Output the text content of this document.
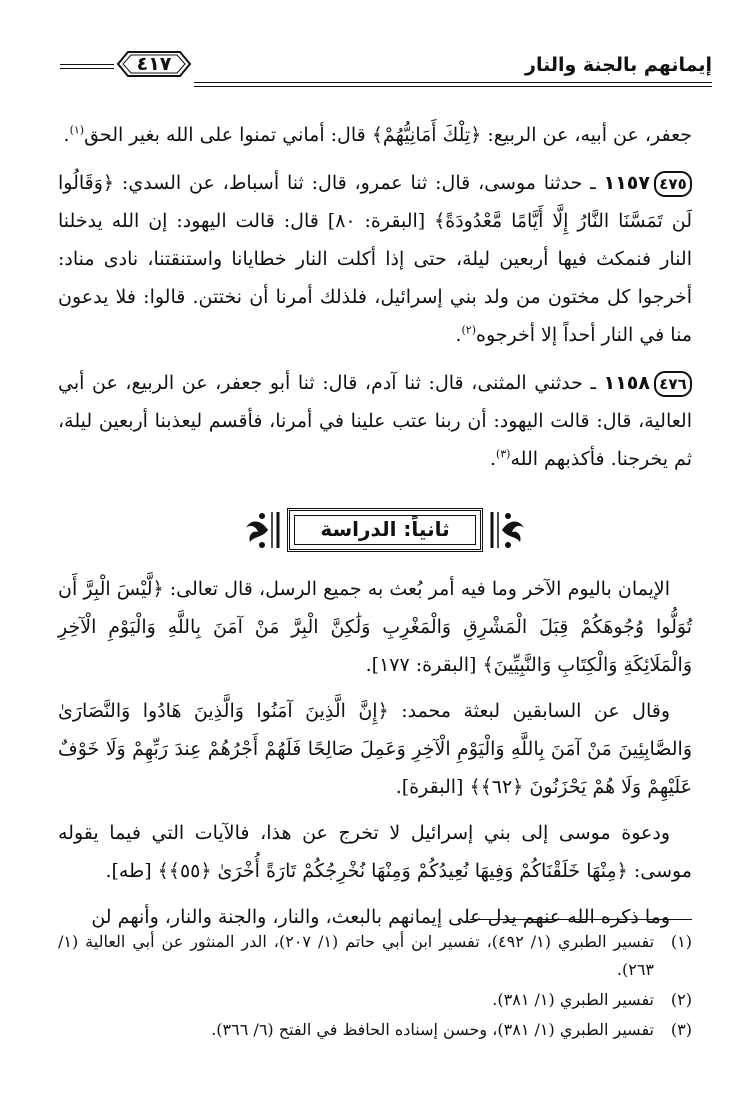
إيمانهم بالجنة والنار
٤١٧

جعفر، عن أبيه، عن الربيع: ﴿تِلْكَ أَمَانِيُّهُمْ﴾ قال: أماني تمنوا على الله بغير الحق$^{(١)}$.

٤٧٥١١٥٧ ـ حدثنا موسى، قال: ثنا عمرو، قال: ثنا أسباط، عن السدي: ﴿وَقَالُوا لَن تَمَسَّنَا النَّارُ إِلَّا أَيَّامًا مَّعْدُودَةً﴾ [البقرة: ٨٠] قال: قالت اليهود: إن الله يدخلنا النار فنمكث فيها أربعين ليلة، حتى إذا أكلت النار خطايانا واستنقتنا، نادى مناد: أخرجوا كل مختون من ولد بني إسرائيل، فلذلك أمرنا أن نختتن. قالوا: فلا يدعون منا في النار أحداً إلا أخرجوه$^{(٢)}$.

٤٧٦١١٥٨ ـ حدثني المثنى، قال: ثنا آدم، قال: ثنا أبو جعفر، عن الربيع، عن أبي العالية، قال: قالت اليهود: أن ربنا عتب علينا في أمرنا، فأقسم ليعذبنا أربعين ليلة، ثم يخرجنا. فأكذبهم الله$^{(٣)}$.

ثانياً: الدراسة

الإيمان باليوم الآخر وما فيه أمر بُعث به جميع الرسل، قال تعالى: ﴿لَّيْسَ الْبِرَّ أَن تُوَلُّوا وُجُوهَكُمْ قِبَلَ الْمَشْرِقِ وَالْمَغْرِبِ وَلَٰكِنَّ الْبِرَّ مَنْ آمَنَ بِاللَّهِ وَالْيَوْمِ الْآخِرِ وَالْمَلَائِكَةِ وَالْكِتَابِ وَالنَّبِيِّينَ﴾ [البقرة: ١٧٧].

وقال عن السابقين لبعثة محمد: ﴿إِنَّ الَّذِينَ آمَنُوا وَالَّذِينَ هَادُوا وَالنَّصَارَىٰ وَالصَّابِئِينَ مَنْ آمَنَ بِاللَّهِ وَالْيَوْمِ الْآخِرِ وَعَمِلَ صَالِحًا فَلَهُمْ أَجْرُهُمْ عِندَ رَبِّهِمْ وَلَا خَوْفٌ عَلَيْهِمْ وَلَا هُمْ يَحْزَنُونَ ﴿٦٢﴾﴾ [البقرة].

ودعوة موسى إلى بني إسرائيل لا تخرج عن هذا، فالآيات التي فيما يقوله موسى: ﴿مِنْهَا خَلَقْنَاكُمْ وَفِيهَا نُعِيدُكُمْ وَمِنْهَا نُخْرِجُكُمْ تَارَةً أُخْرَىٰ ﴿٥٥﴾﴾ [طه].

وما ذكره الله عنهم يدل على إيمانهم بالبعث، والنار، والجنة والنار، وأنهم لن

(١)
تفسير الطبري (١/ ٤٩٢)، تفسير ابن أبي حاتم (١/ ٢٠٧)، الدر المنثور عن أبي العالية (١/ ٢٦٣).

(٢)
تفسير الطبري (١/ ٣٨١).

(٣)
تفسير الطبري (١/ ٣٨١)، وحسن إسناده الحافظ في الفتح (٦/ ٣٦٦).
